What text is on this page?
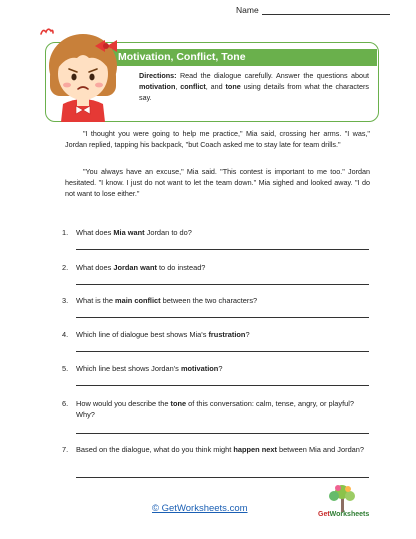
Name
Motivation, Conflict, Tone
Directions: Read the dialogue carefully. Answer the questions about motivation, conflict, and tone using details from what the characters say.

"I thought you were going to help me practice," Mia said, crossing her arms. "I was," Jordan replied, tapping his backpack, "but Coach asked me to stay late for team drills."

"You always have an excuse," Mia said. "This contest is important to me too." Jordan hesitated. "I know. I just do not want to let the team down." Mia sighed and looked away. "I do not want to lose either."

1. What does Mia want Jordan to do?
2. What does Jordan want to do instead?
3. What is the main conflict between the two characters?
4. Which line of dialogue best shows Mia's frustration?
5. Which line best shows Jordan's motivation?
6. How would you describe the tone of this conversation: calm, tense, angry, or playful? Why?
7. Based on the dialogue, what do you think might happen next between Mia and Jordan?
© GetWorksheets.com
GetWorksheets
